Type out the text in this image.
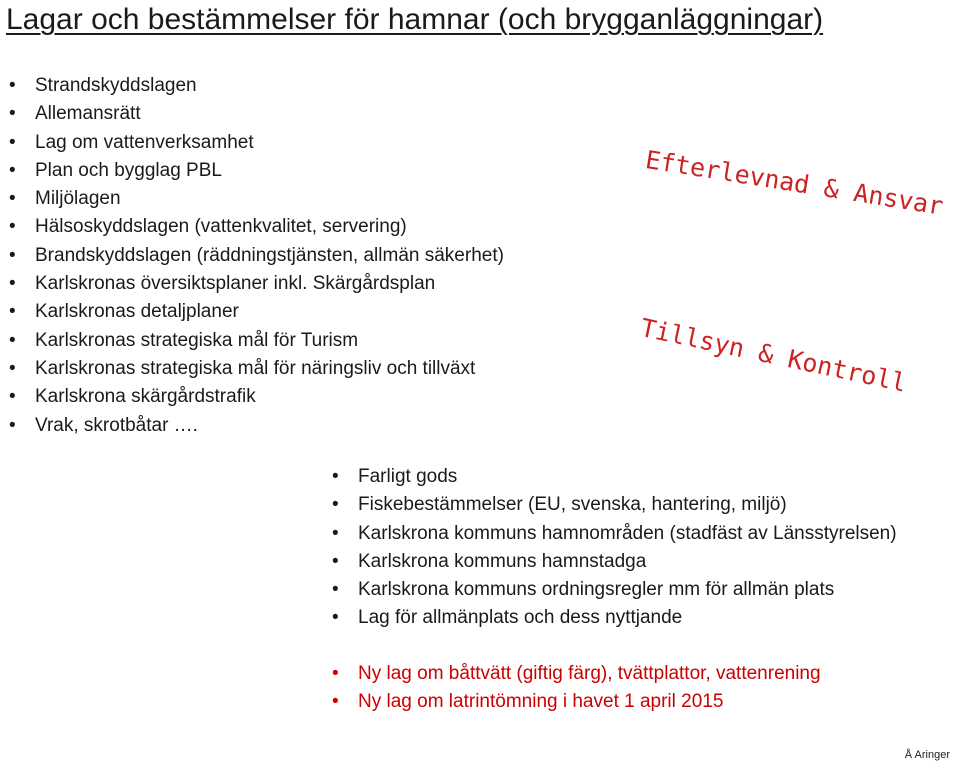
Lagar och bestämmelser för hamnar (och brygganläggningar)
• Strandskyddslagen
• Allemansrätt
• Lag om vattenverksamhet
• Plan och bygglag PBL
• Miljölagen
• Hälsoskyddslagen (vattenkvalitet, servering)
• Brandskyddslagen (räddningstjänsten, allmän säkerhet)
• Karlskronas översiktsplaner inkl. Skärgårdsplan
• Karlskronas detaljplaner
• Karlskronas strategiska mål för Turism
• Karlskronas strategiska mål för näringsliv och tillväxt
• Karlskrona skärgårdstrafik
• Vrak, skrotbåtar ….
Efterlevnad & Ansvar
Tillsyn & Kontroll
• Farligt gods
• Fiskebestämmelser (EU, svenska, hantering, miljö)
• Karlskrona kommuns hamnområden (stadfäst av Länsstyrelsen)
• Karlskrona kommuns hamnstadga
• Karlskrona kommuns ordningsregler mm för allmän plats
• Lag för allmänplats och dess nyttjande
• Ny lag om båttvätt (giftig färg), tvättplattor, vattenrening
• Ny lag om latrintömning i havet 1 april 2015
Å Aringer
